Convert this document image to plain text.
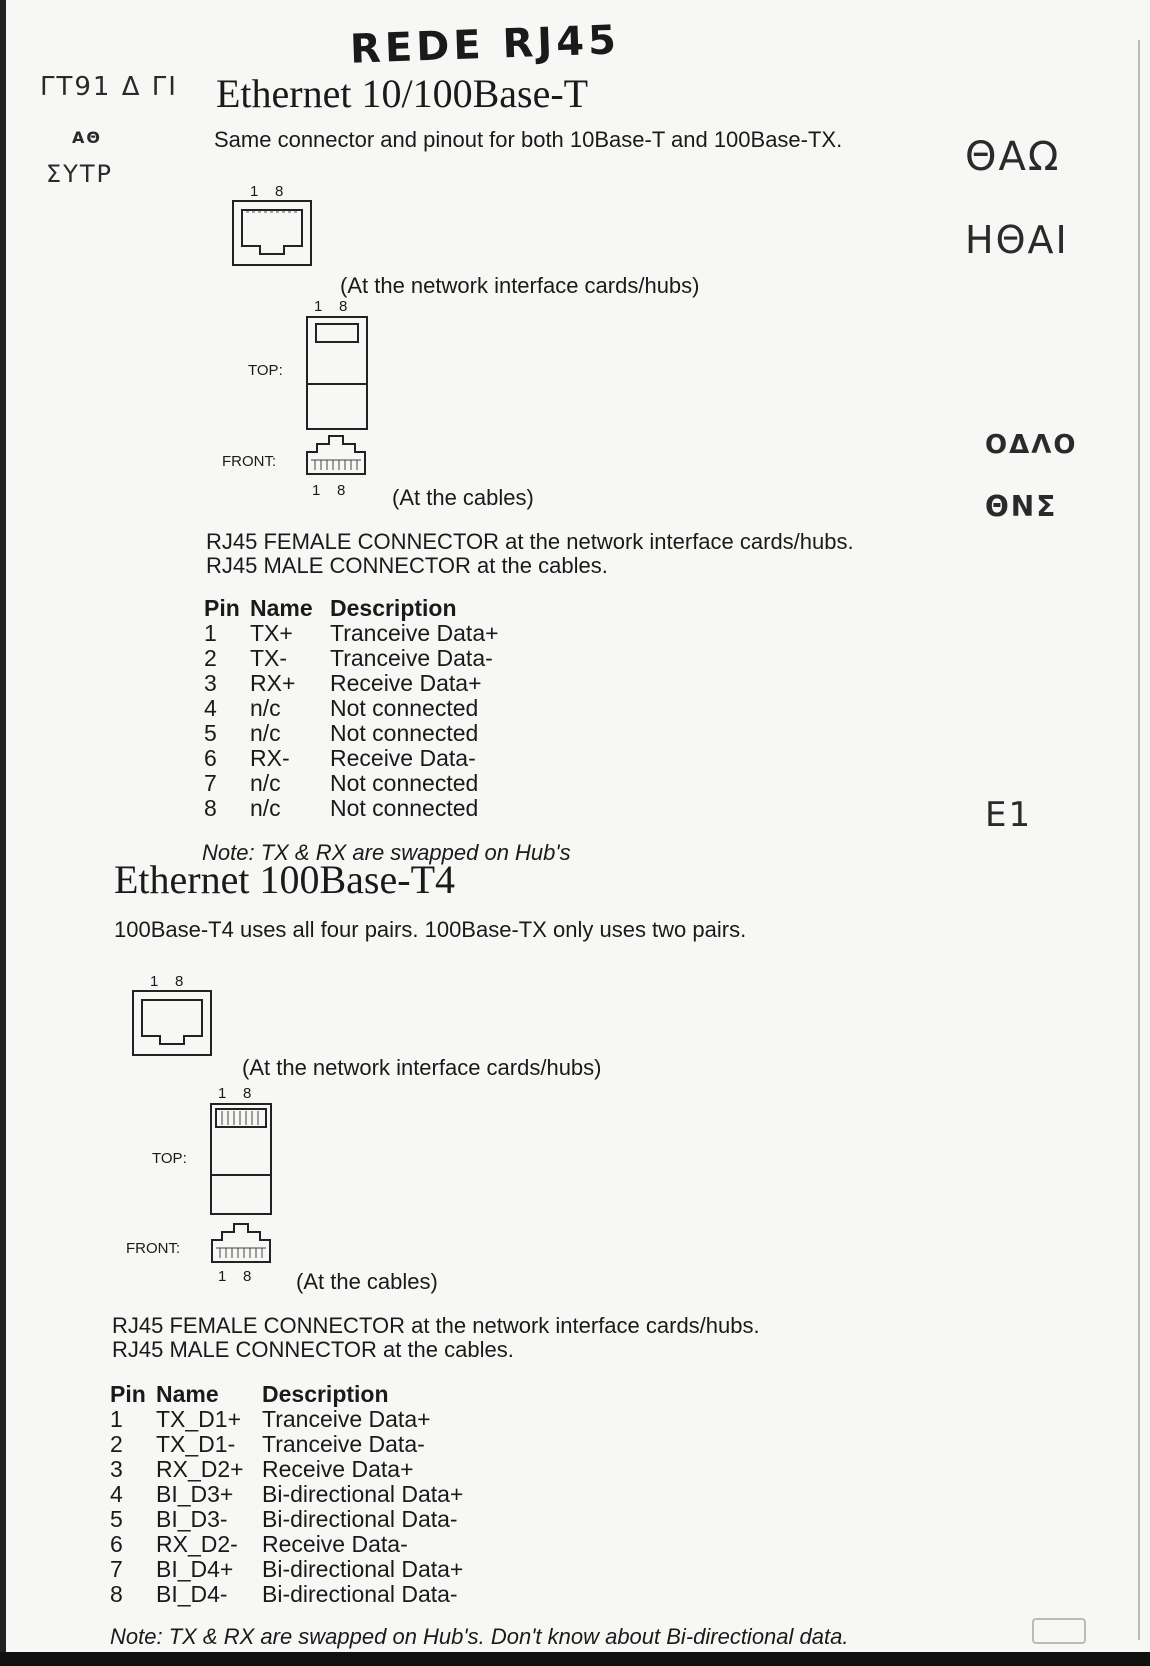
REDE RJ45
ΓΤ91 Δ ΓΙ
ΑΘ
ΣΥΤΡ	ΘΑΩ
ΗΘΑΙ
ΟΔΛΟ
ΘΝΣ
Ε1
Ethernet 10/100Base-T
Same connector and pinout for both 10Base-T and 100Base-TX.
1    8
(At the network interface cards/hubs)
1    8
TOP:
FRONT:
1    8 (At the cables)
RJ45 FEMALE CONNECTOR at the network interface cards/hubs.
RJ45 MALE CONNECTOR at the cables.
Pin	Name	Description
1	TX+	Tranceive Data+
2	TX-	Tranceive Data-
3	RX+	Receive Data+
4	n/c	Not connected
5	n/c	Not connected
6	RX-	Receive Data-
7	n/c	Not connected
8	n/c	Not connected
Note: TX & RX are swapped on Hub's
Ethernet 100Base-T4
100Base-T4 uses all four pairs. 100Base-TX only uses two pairs.
1    8
(At the network interface cards/hubs)
1    8
TOP:
FRONT:
1    8 (At the cables)
RJ45 FEMALE CONNECTOR at the network interface cards/hubs.
RJ45 MALE CONNECTOR at the cables.
Pin	Name	Description
1	TX_D1+	Tranceive Data+
2	TX_D1-	Tranceive Data-
3	RX_D2+	Receive Data+
4	BI_D3+	Bi-directional Data+
5	BI_D3-	Bi-directional Data-
6	RX_D2-	Receive Data-
7	BI_D4+	Bi-directional Data+
8	BI_D4-	Bi-directional Data-
Note: TX & RX are swapped on Hub's. Don't know about Bi-directional data.
